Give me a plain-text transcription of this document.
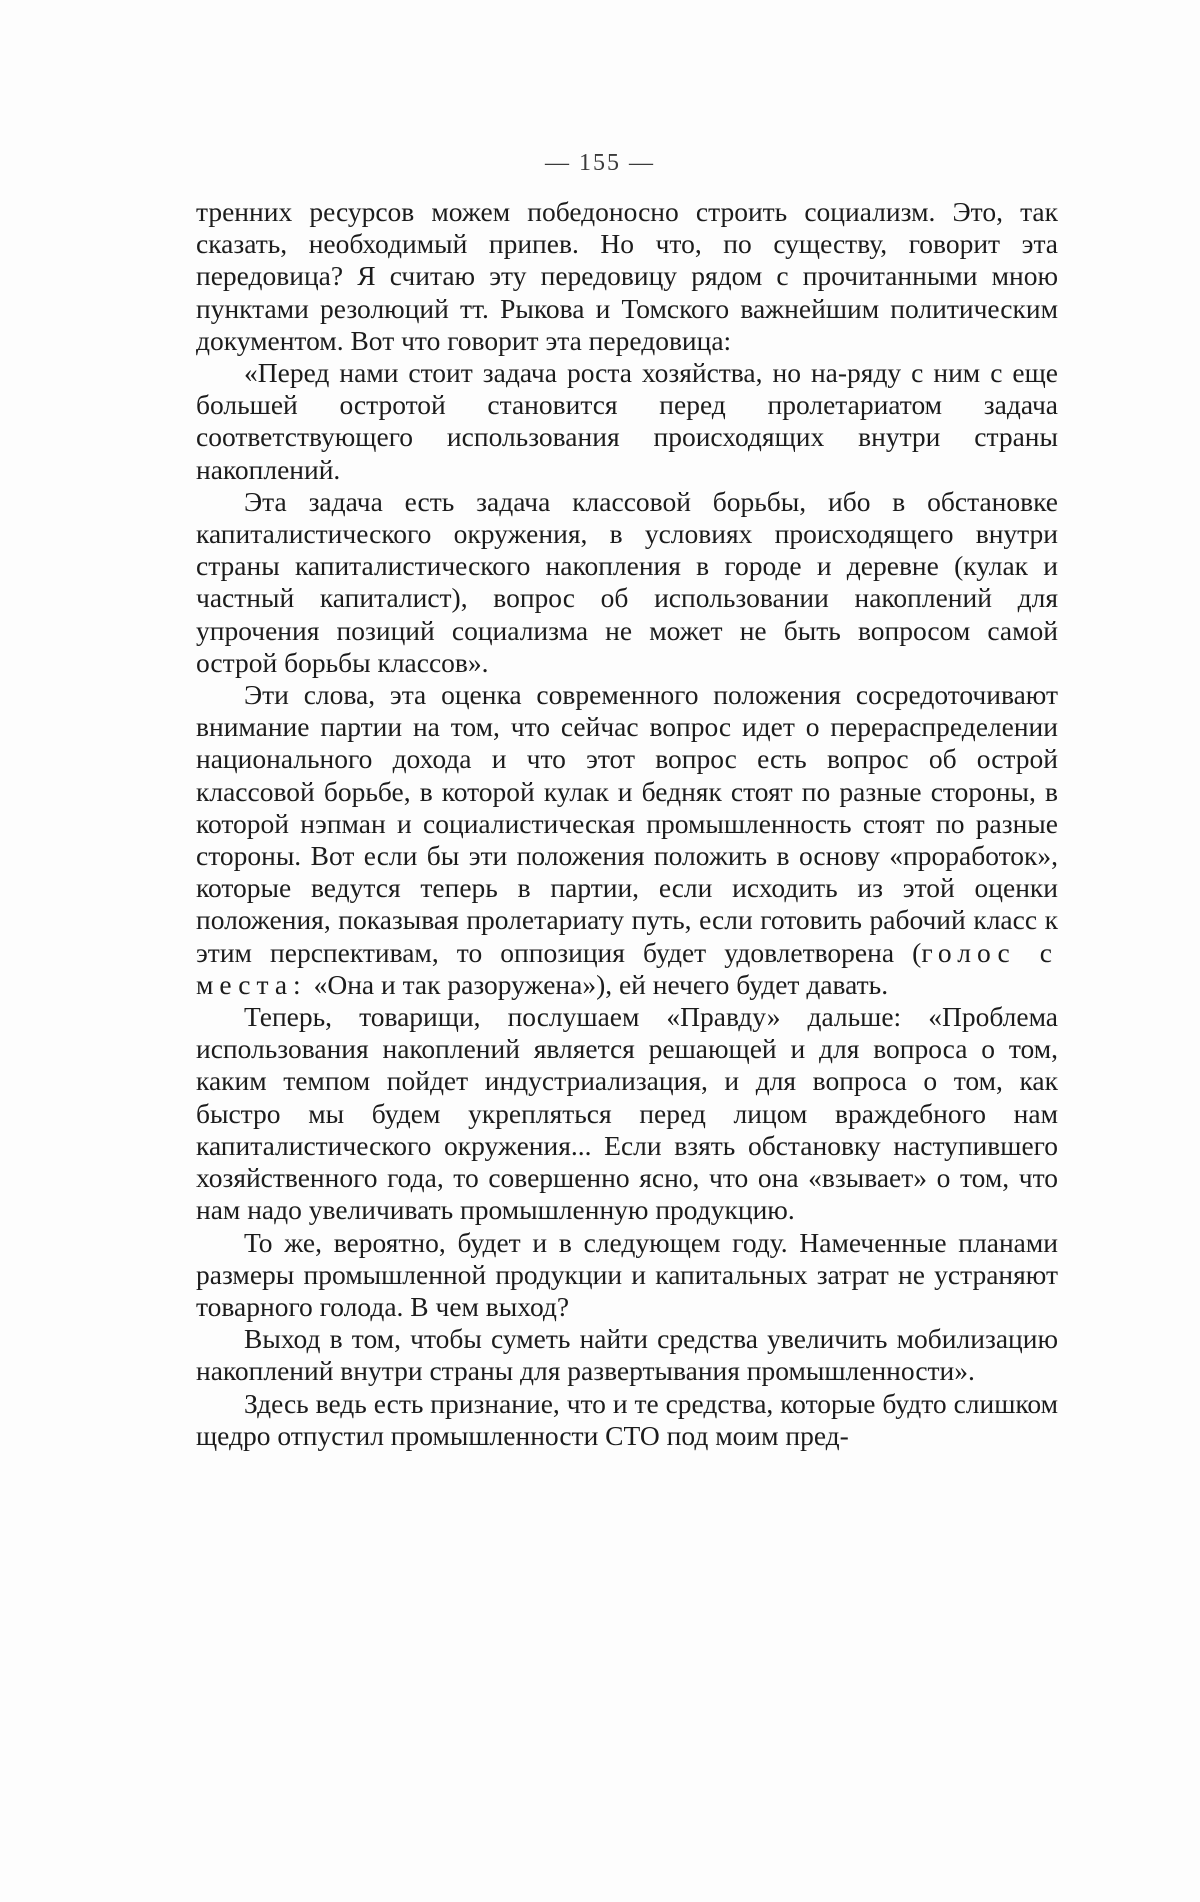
— 155 —

тренних ресурсов можем победоносно строить социализм. Это, так сказать, необходимый припев. Но что, по существу, говорит эта передовица? Я считаю эту передовицу рядом с прочитанными мною пунктами резолюций тт. Рыкова и Томского важнейшим политическим документом. Вот что говорит эта передовица:

«Перед нами стоит задача роста хозяйства, но на-ряду с ним с еще большей остротой становится перед пролетариатом задача соответствующего использования происходящих внутри страны накоплений.

Эта задача есть задача классовой борьбы, ибо в обстановке капиталистического окружения, в условиях происходящего внутри страны капиталистического накопления в городе и деревне (кулак и частный капиталист), вопрос об использовании накоплений для упрочения позиций социализма не может не быть вопросом самой острой борьбы классов».

Эти слова, эта оценка современного положения сосредоточивают внимание партии на том, что сейчас вопрос идет о перераспределении национального дохода и что этот вопрос есть вопрос об острой классовой борьбе, в которой кулак и бедняк стоят по разные стороны, в которой нэпман и социалистическая промышленность стоят по разные стороны. Вот если бы эти положения положить в основу «проработок», которые ведутся теперь в партии, если исходить из этой оценки положения, показывая пролетариату путь, если готовить рабочий класс к этим перспективам, то оппозиция будет удовлетворена (голос с места: «Она и так разоружена»), ей нечего будет давать.

Теперь, товарищи, послушаем «Правду» дальше: «Проблема использования накоплений является решающей и для вопроса о том, каким темпом пойдет индустриализация, и для вопроса о том, как быстро мы будем укрепляться перед лицом враждебного нам капиталистического окружения... Если взять обстановку наступившего хозяйственного года, то совершенно ясно, что она «взывает» о том, что нам надо увеличивать промышленную продукцию.

То же, вероятно, будет и в следующем году. Намеченные планами размеры промышленной продукции и капитальных затрат не устраняют товарного голода. В чем выход?

Выход в том, чтобы суметь найти средства увеличить мобилизацию накоплений внутри страны для развертывания промышленности».

Здесь ведь есть признание, что и те средства, которые будто слишком щедро отпустил промышленности СТО под моим пред-
